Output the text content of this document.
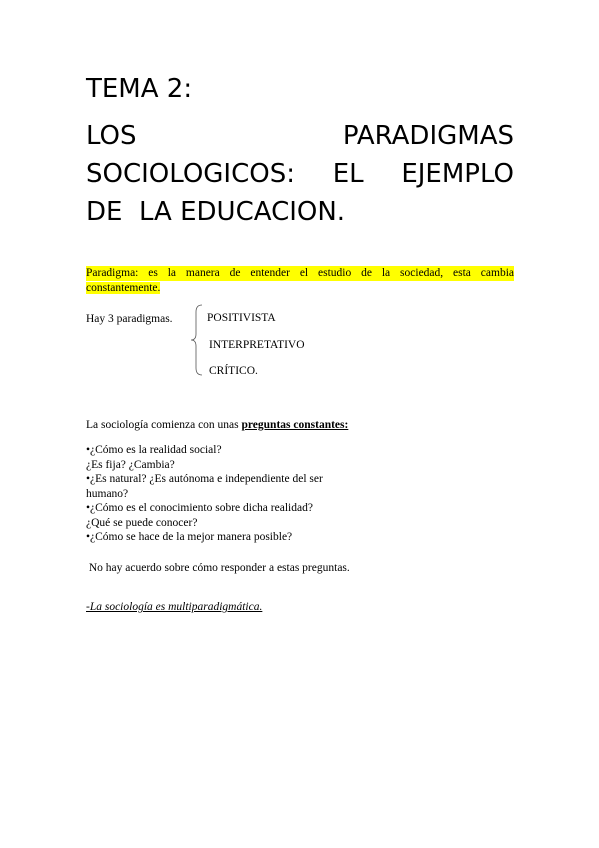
TEMA 2:
LOS	PARADIGMAS
SOCIOLOGICOS: EL EJEMPLO
DE  LA EDUCACION.
Paradigma: es la manera de entender el estudio de la sociedad, esta cambia
constantemente.
Hay 3 paradigmas.	POSITIVISTA
INTERPRETATIVO
CRÍTICO.
La sociología comienza con unas preguntas constantes:
•¿Cómo es la realidad social?
¿Es fija? ¿Cambia?
•¿Es natural? ¿Es autónoma e independiente del ser
humano?
•¿Cómo es el conocimiento sobre dicha realidad?
¿Qué se puede conocer?
•¿Cómo se hace de la mejor manera posible?
No hay acuerdo sobre cómo responder a estas preguntas.
-La sociología es multiparadigmática.
